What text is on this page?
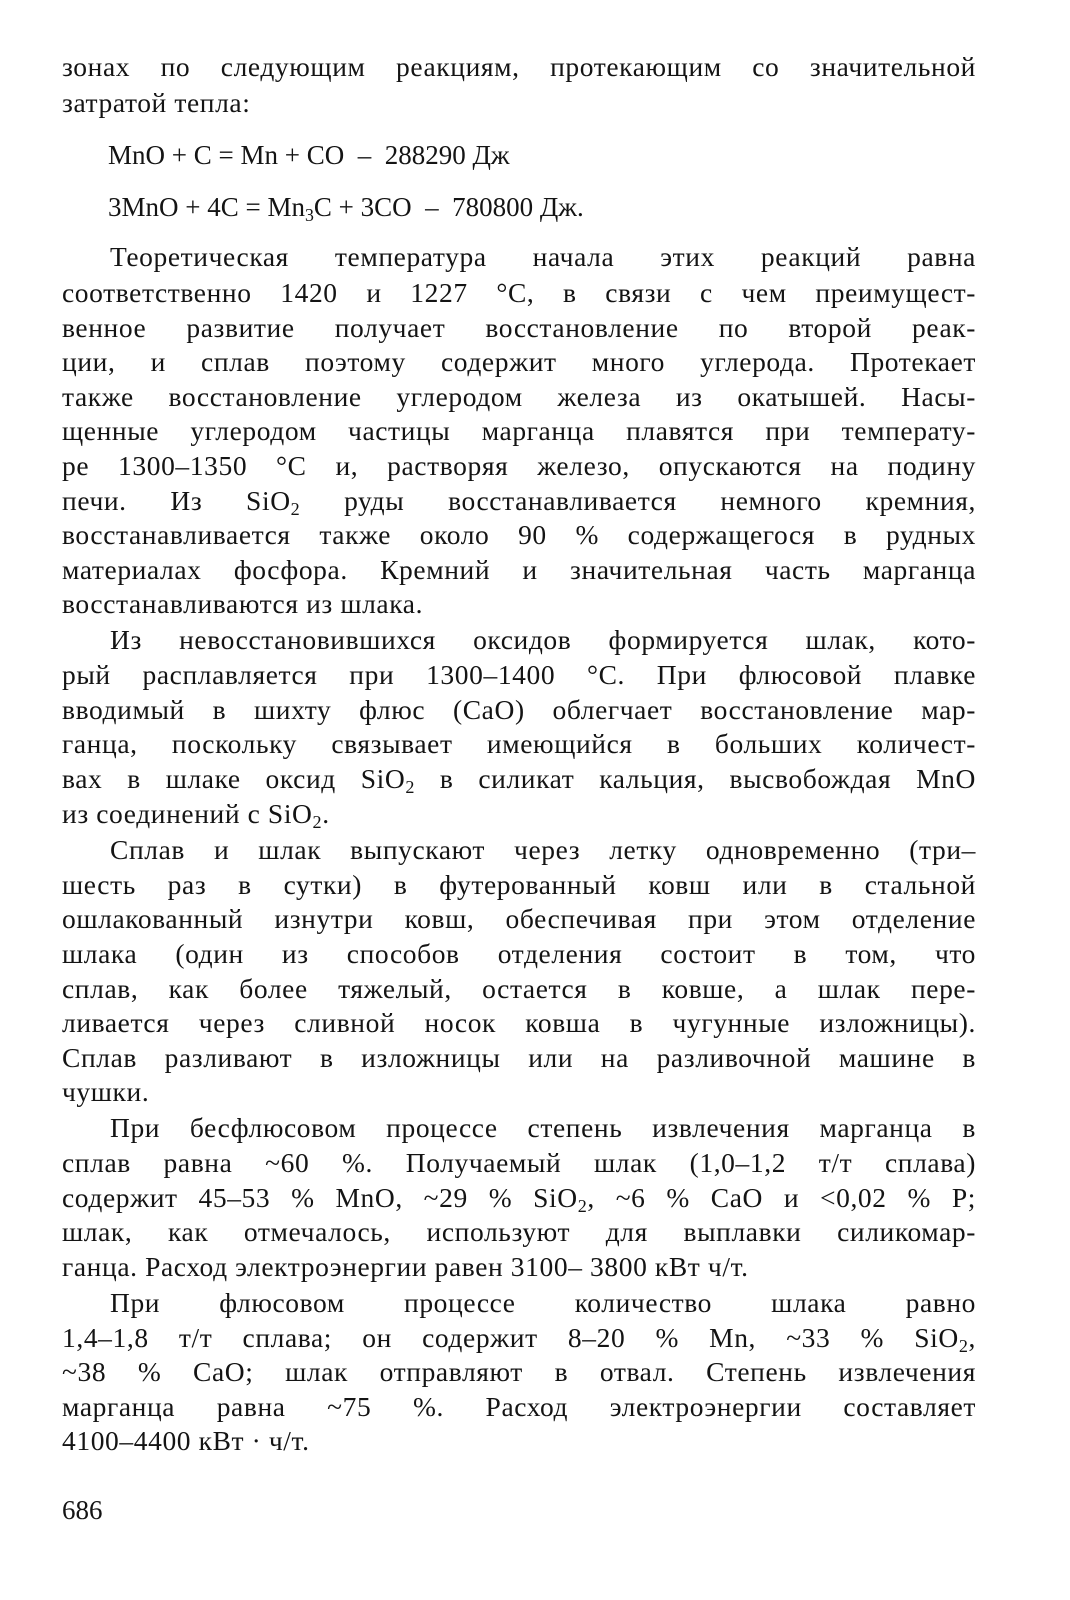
зонах по следующим реакциям, протекающим со значительной
затратой тепла:
MnO + C = Mn + CO  –  288290 Дж
$3MnO + 4C = Mn_3C + 3CO - 780800$ Дж.
Теоретическая температура начала этих реакций равна
соответственно 1420 и 1227 °С, в связи с чем преимущест-
венное развитие получает восстановление по второй реак-
ции, и сплав поэтому содержит много углерода. Протекает
также восстановление углеродом железа из окатышей. Насы-
щенные углеродом частицы марганца плавятся при температу-
ре 1300–1350 °С и, растворяя железо, опускаются на подину
печи. Из SiO$_2$ руды восстанавливается немного кремния,
восстанавливается также около 90 % содержащегося в рудных
материалах фосфора. Кремний и значительная часть марганца
восстанавливаются из шлака.
Из невосстановившихся оксидов формируется шлак, кото-
рый расплавляется при 1300–1400 °С. При флюсовой плавке
вводимый в шихту флюс (СаО) облегчает восстановление мар-
ганца, поскольку связывает имеющийся в больших количест-
вах в шлаке оксид SiO$_2$ в силикат кальция, высвобождая MnO
из соединений с SiO$_2$.
Сплав и шлак выпускают через летку одновременно (три–
шесть раз в сутки) в футерованный ковш или в стальной
ошлакованный изнутри ковш, обеспечивая при этом отделение
шлака (один из способов отделения состоит в том, что
сплав, как более тяжелый, остается в ковше, а шлак пере-
ливается через сливной носок ковша в чугунные изложницы).
Сплав разливают в изложницы или на разливочной машине в
чушки.
При бесфлюсовом процессе степень извлечения марганца в
сплав равна ~60 %. Получаемый шлак (1,0–1,2 т/т сплава)
содержит 45–53 % MnO, ~29 % SiO$_2$, ~6 % CaO и <0,02 % P;
шлак, как отмечалось, используют для выплавки силикомар-
ганца. Расход электроэнергии равен 3100– 3800 кВт ч/т.
При флюсовом процессе количество шлака равно
1,4–1,8 т/т сплава; он содержит 8–20 % Mn, ~33 % SiO$_2$,
~38 % CaO; шлак отправляют в отвал. Степень извлечения
марганца равна ~75 %. Расход электроэнергии составляет
4100–4400 кВт · ч/т.
686
